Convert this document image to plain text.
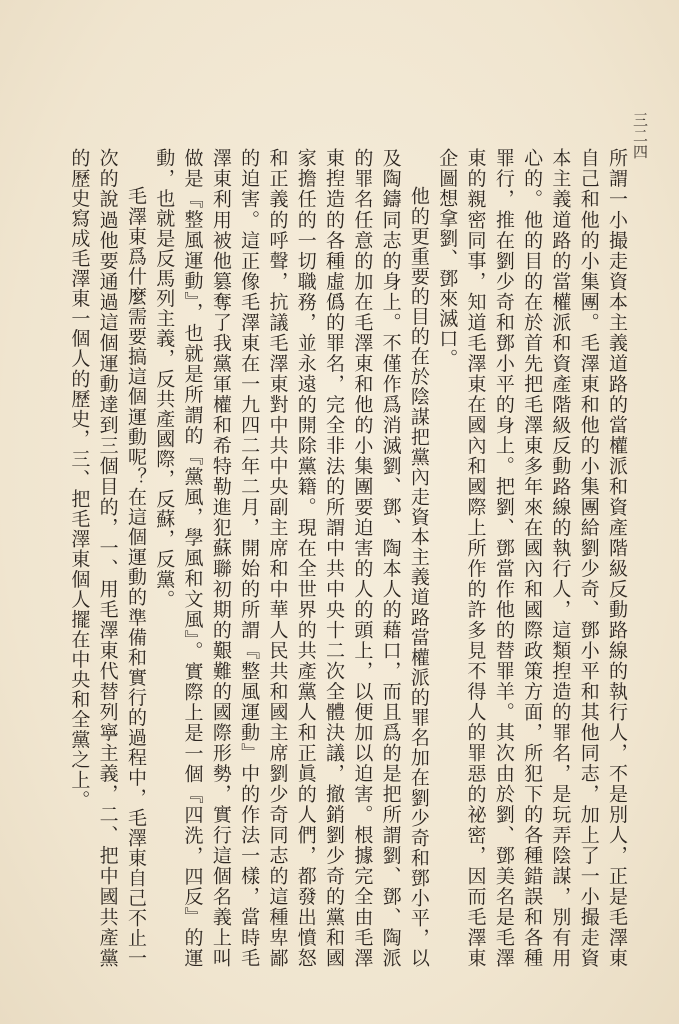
三二四

所謂一小撮走資本主義道路的當權派和資產階級反動路線的執行人，不是別人，正是毛澤東自己和他的小集團。毛澤東和他的小集團給劉少奇、鄧小平和其他同志，加上了一小撮走資本主義道路的當權派和資產階級反動路線的執行人，這類揑造的罪名，是玩弄陰謀，別有用心的。他的目的在於首先把毛澤東多年來在國內和國際政策方面，所犯下的各種錯誤和各種罪行，推在劉少奇和鄧小平的身上。把劉、鄧當作他的替罪羊。其次由於劉、鄧美名是毛澤東的親密同事，知道毛澤東在國內和國際上所作的許多見不得人的罪惡的祕密，因而毛澤東企圖想拿劉、鄧來滅口。

他的更重要的目的在於陰謀把黨內走資本主義道路當權派的罪名加在劉少奇和鄧小平，以及陶鑄同志的身上。不僅作爲消滅劉、鄧、陶本人的藉口，而且爲的是把所謂劉、鄧、陶派的罪名任意的加在毛澤東和他的小集團要迫害的人的頭上，以便加以迫害。根據完全由毛澤東揑造的各種虛僞的罪名，完全非法的所謂中共中央十二次全體決議，撤銷劉少奇的黨和國家擔任的一切職務，並永遠的開除黨籍。現在全世界的共產黨人和正眞的人們，都發出憤怒和正義的呼聲，抗議毛澤東對中共中央副主席和中華人民共和國主席劉少奇同志的這種卑鄙的迫害。這正像毛澤東在一九四二年二月，開始的所謂『整風運動』中的作法一樣，當時毛澤東利用被他篡奪了我黨軍權和希特勒進犯蘇聯初期的艱難的國際形勢，實行這個名義上叫做是『整風運動』，也就是所謂的『黨風，學風和文風』。實際上是一個『四洗，四反』的運動，也就是反馬列主義，反共產國際，反蘇，反黨。

毛澤東爲什麼需要搞這個運動呢？在這個運動的準備和實行的過程中，毛澤東自己不止一次的說過他要通過這個運動達到三個目的，一、用毛澤東代替列寧主義，二、把中國共產黨的歷史寫成毛澤東一個人的歷史，三、把毛澤東個人擺在中央和全黨之上。
